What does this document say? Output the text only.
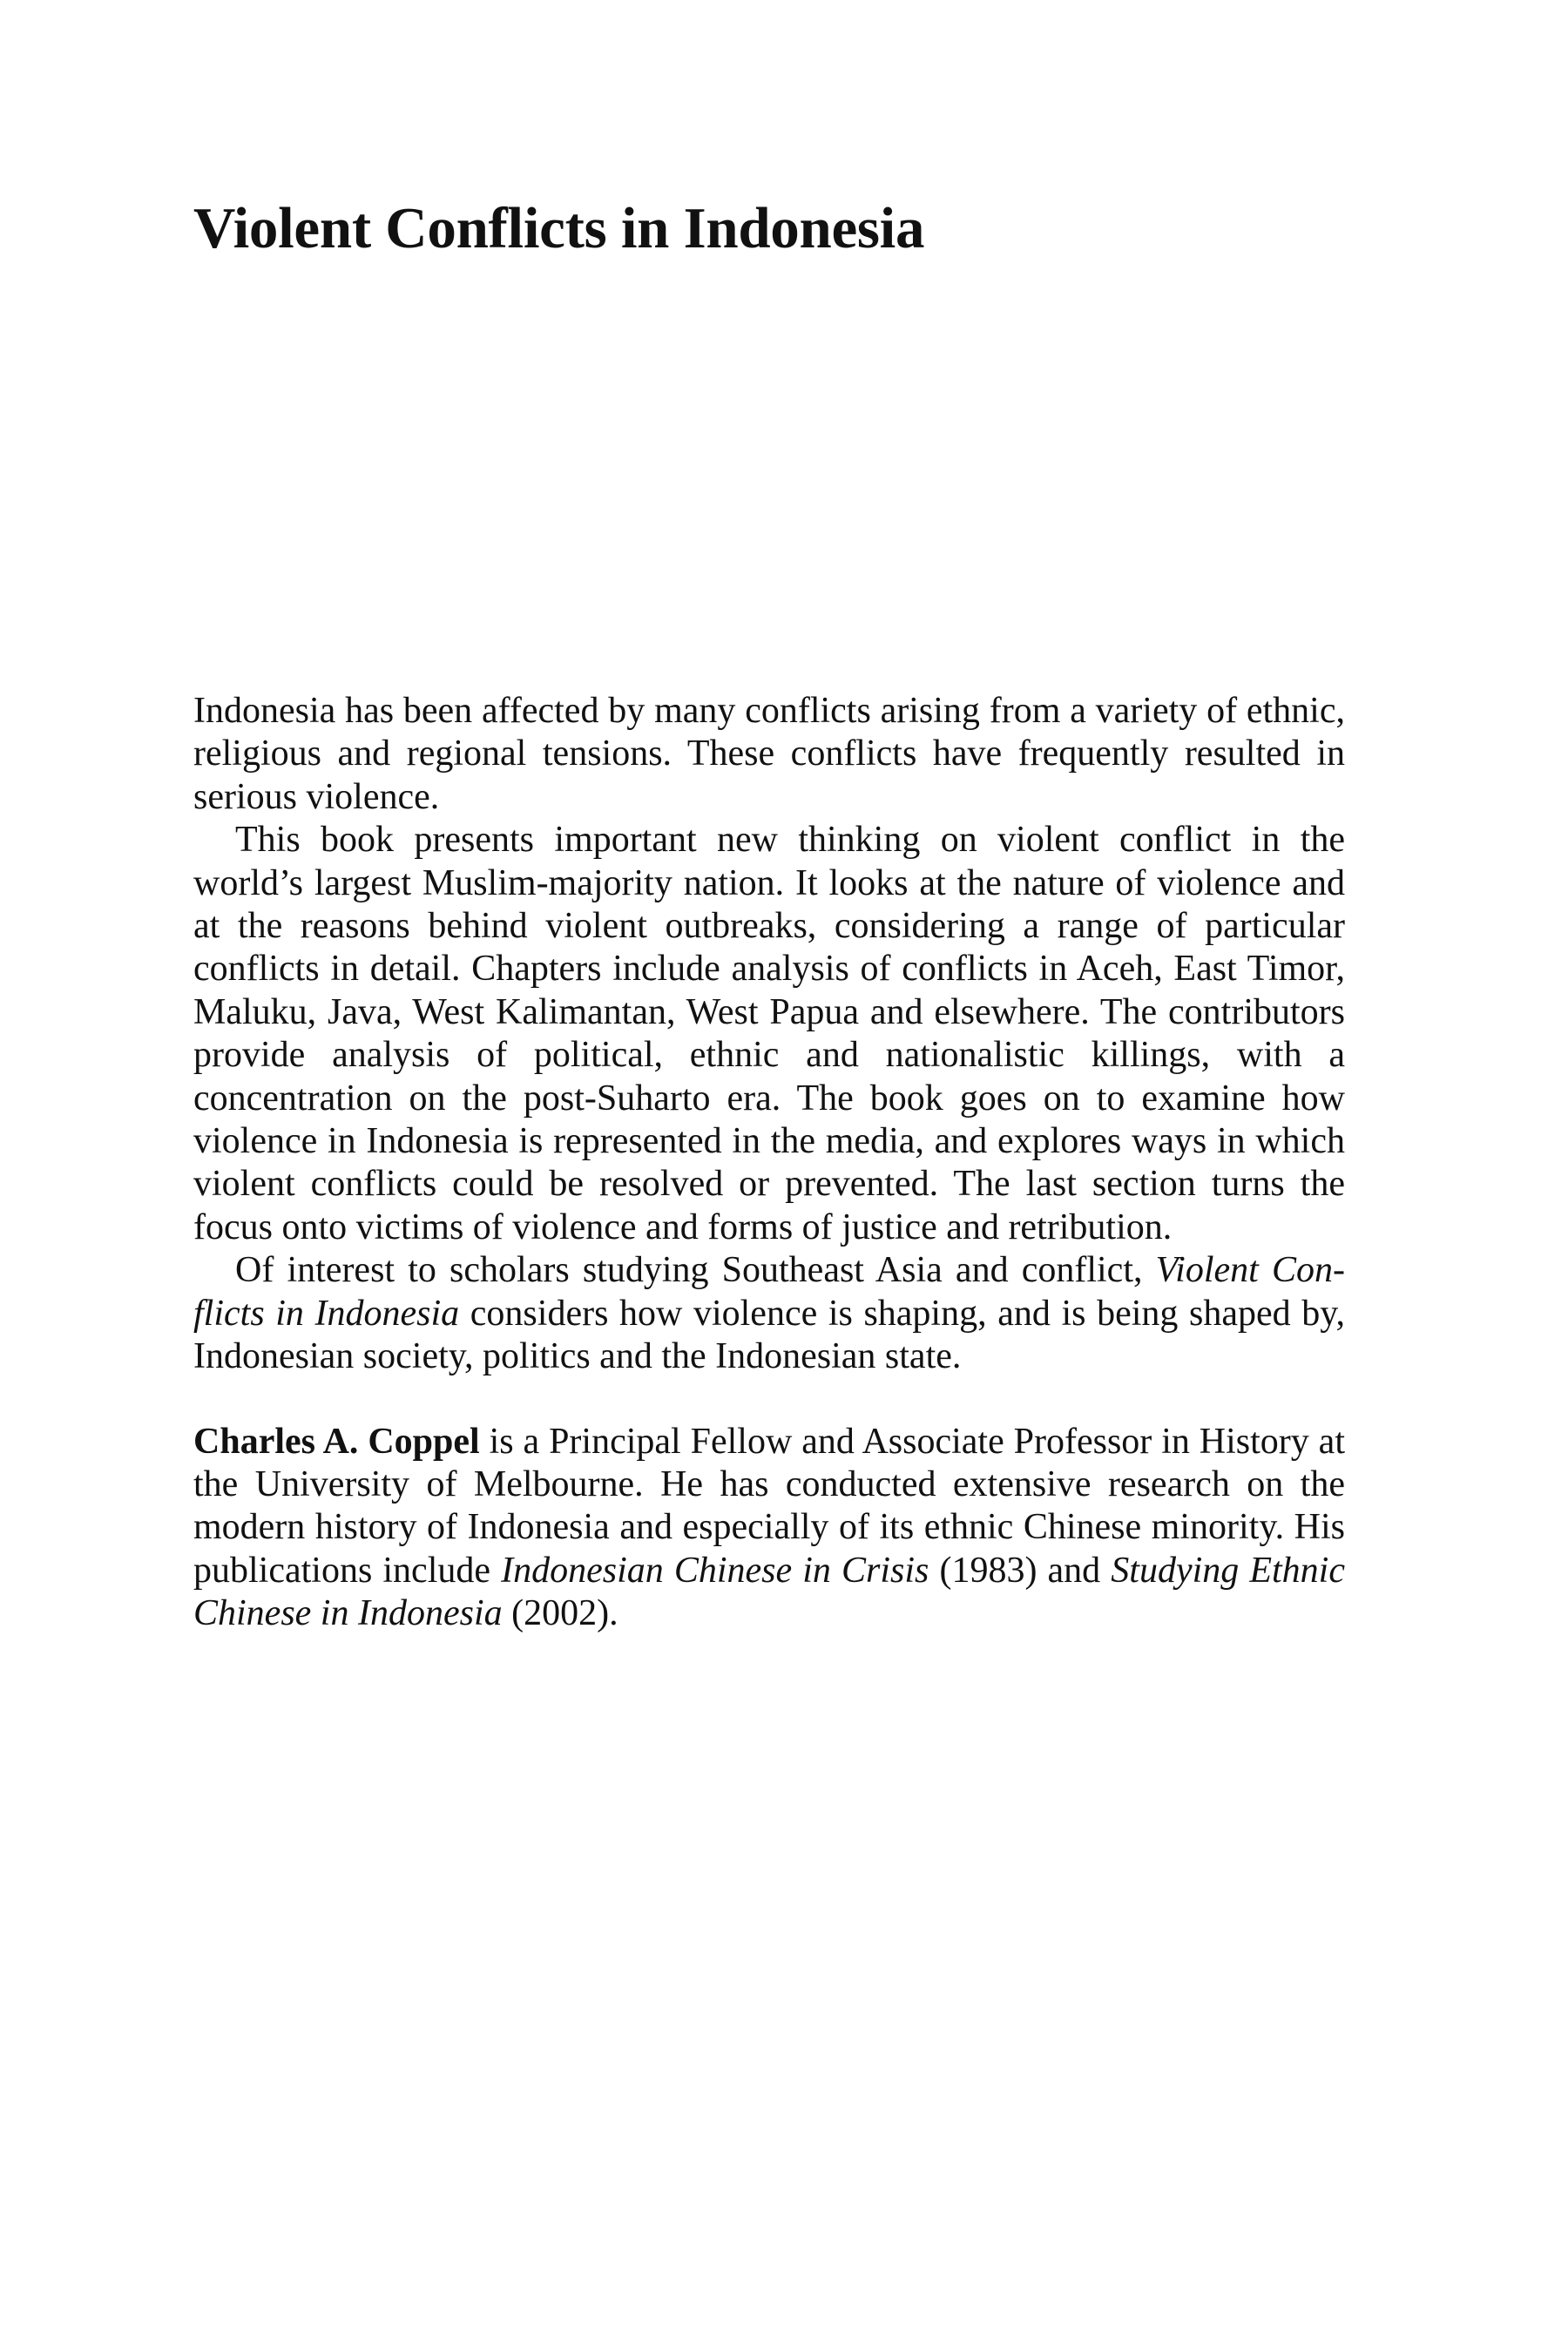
Violent Conflicts in Indonesia

Indonesia has been affected by many conflicts arising from a variety of ethnic, religious and regional tensions. These conflicts have frequently resulted in serious violence.

This book presents important new thinking on violent conflict in the world’s largest Muslim-majority nation. It looks at the nature of violence and at the reasons behind violent outbreaks, considering a range of particular conflicts in detail. Chapters include analysis of conflicts in Aceh, East Timor, Maluku, Java, West Kalimantan, West Papua and elsewhere. The contributors provide analysis of political, ethnic and nationalistic killings, with a concentration on the post-Suharto era. The book goes on to examine how violence in Indonesia is represented in the media, and explores ways in which violent conflicts could be resolved or prevented. The last section turns the focus onto victims of violence and forms of justice and retribution.

Of interest to scholars studying Southeast Asia and conflict, Violent Conflicts in Indonesia considers how violence is shaping, and is being shaped by, Indonesian society, politics and the Indonesian state.

Charles A. Coppel is a Principal Fellow and Associate Professor in History at the University of Melbourne. He has conducted extensive research on the modern history of Indonesia and especially of its ethnic Chinese minority. His publications include Indonesian Chinese in Crisis (1983) and Studying Ethnic Chinese in Indonesia (2002).
